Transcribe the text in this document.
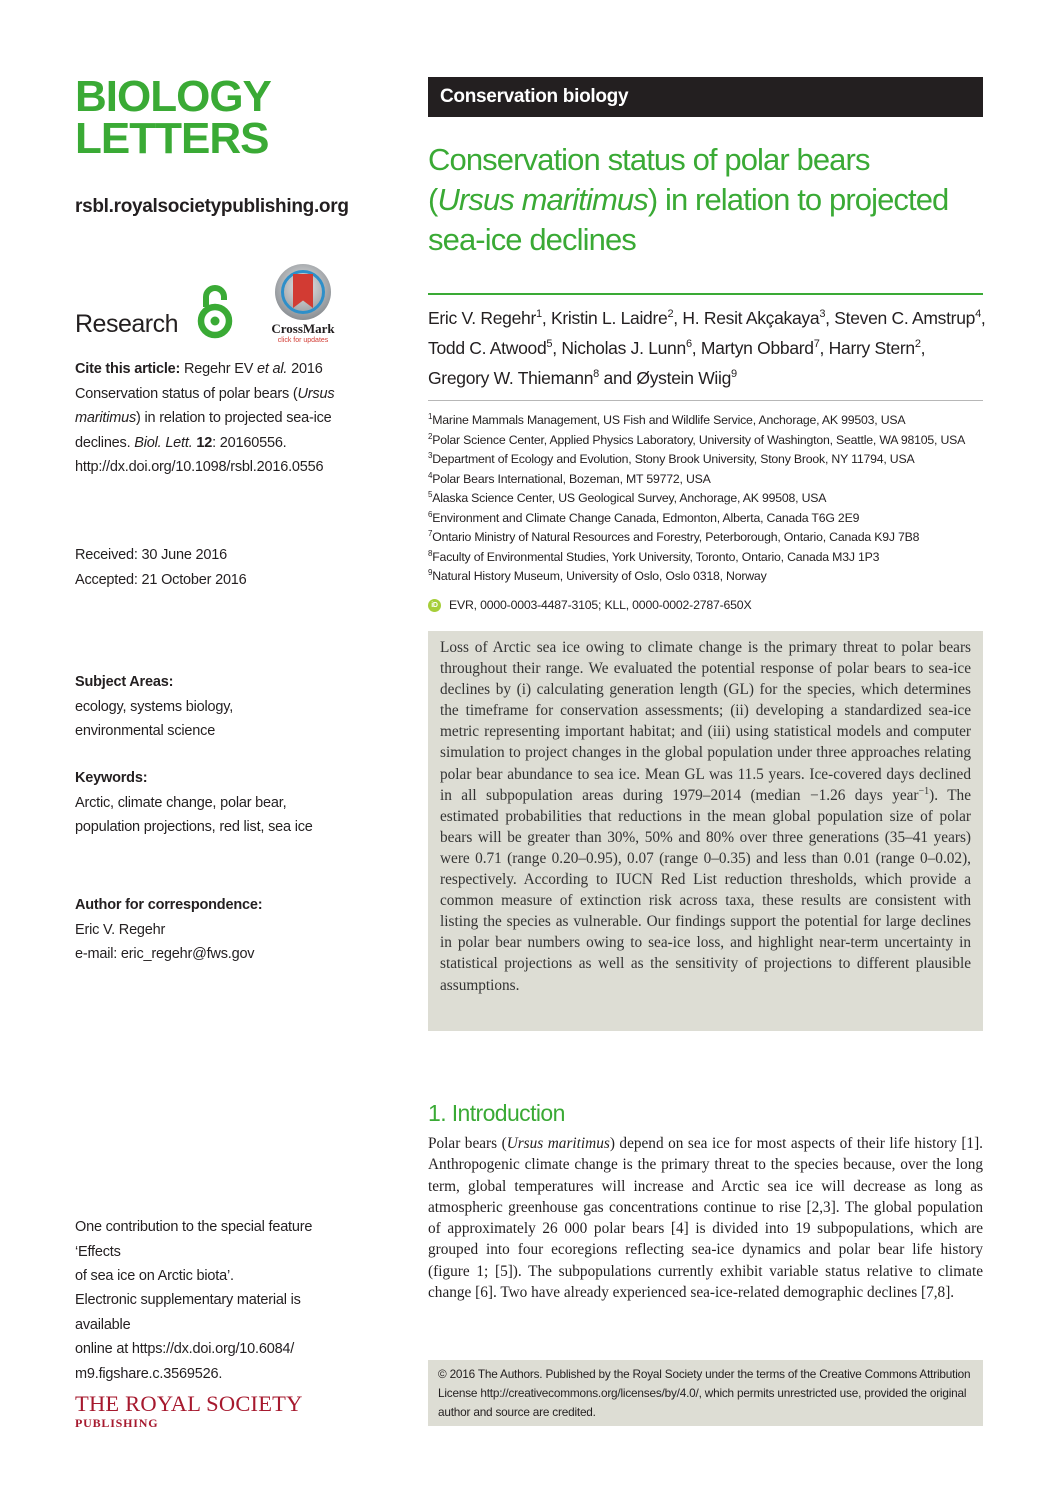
BIOLOGY
LETTERS
rsbl.royalsocietypublishing.org
Research	CrossMark
click for updates
Cite this article: Regehr EV et al. 2016 Conservation status of polar bears (Ursus maritimus) in relation to projected sea-ice declines. Biol. Lett. 12: 20160556. http://dx.doi.org/10.1098/rsbl.2016.0556
Received: 30 June 2016
Accepted: 21 October 2016
Subject Areas:
ecology, systems biology,
environmental science
Keywords:
Arctic, climate change, polar bear,
population projections, red list, sea ice
Author for correspondence:
Eric V. Regehr
e-mail: eric_regehr@fws.gov
One contribution to the special feature ‘Effects
of sea ice on Arctic biota’.
Electronic supplementary material is available
online at https://dx.doi.org/10.6084/
m9.figshare.c.3569526.
THE ROYAL SOCIETY
PUBLISHING
Conservation biology
Conservation status of polar bears
(Ursus maritimus) in relation to projected
sea-ice declines
Eric V. Regehr$^1$, Kristin L. Laidre$^2$, H. Resit Akçakaya$^3$, Steven C. Amstrup$^4$,
Todd C. Atwood$^5$, Nicholas J. Lunn$^6$, Martyn Obbard$^7$, Harry Stern$^2$,
Gregory W. Thiemann$^8$ and Øystein Wiig$^9$
$^1$Marine Mammals Management, US Fish and Wildlife Service, Anchorage, AK 99503, USA
$^2$Polar Science Center, Applied Physics Laboratory, University of Washington, Seattle, WA 98105, USA
$^3$Department of Ecology and Evolution, Stony Brook University, Stony Brook, NY 11794, USA
$^4$Polar Bears International, Bozeman, MT 59772, USA
$^5$Alaska Science Center, US Geological Survey, Anchorage, AK 99508, USA
$^6$Environment and Climate Change Canada, Edmonton, Alberta, Canada T6G 2E9
$^7$Ontario Ministry of Natural Resources and Forestry, Peterborough, Ontario, Canada K9J 7B8
$^8$Faculty of Environmental Studies, York University, Toronto, Ontario, Canada M3J 1P3
$^9$Natural History Museum, University of Oslo, Oslo 0318, Norway
iD EVR, 0000-0003-4487-3105; KLL, 0000-0002-2787-650X
Loss of Arctic sea ice owing to climate change is the primary threat to polar bears throughout their range. We evaluated the potential response of polar bears to sea-ice declines by (i) calculating generation length (GL) for the species, which determines the timeframe for conservation assessments; (ii) developing a standardized sea-ice metric representing important habitat; and (iii) using statistical models and computer simulation to project changes in the global population under three approaches relating polar bear abundance to sea ice. Mean GL was 11.5 years. Ice-covered days declined in all subpopulation areas during 1979–2014 (median −1.26 days year$^{-1}$). The estimated probabilities that reductions in the mean global population size of polar bears will be greater than 30%, 50% and 80% over three generations (35–41 years) were 0.71 (range 0.20–0.95), 0.07 (range 0–0.35) and less than 0.01 (range 0–0.02), respectively. According to IUCN Red List reduction thresholds, which provide a common measure of extinction risk across taxa, these results are consistent with listing the species as vulnerable. Our findings support the potential for large declines in polar bear numbers owing to sea-ice loss, and highlight near-term uncertainty in statistical projections as well as the sensitivity of projections to different plausible assumptions.
1. Introduction
Polar bears (Ursus maritimus) depend on sea ice for most aspects of their life history [1]. Anthropogenic climate change is the primary threat to the species because, over the long term, global temperatures will increase and Arctic sea ice will decrease as long as atmospheric greenhouse gas concentrations continue to rise [2,3]. The global population of approximately 26 000 polar bears [4] is divided into 19 subpopulations, which are grouped into four ecoregions reflecting sea-ice dynamics and polar bear life history (figure 1; [5]). The subpopulations currently exhibit variable status relative to climate change [6]. Two have already experienced sea-ice-related demographic declines [7,8].
© 2016 The Authors. Published by the Royal Society under the terms of the Creative Commons Attribution License http://creativecommons.org/licenses/by/4.0/, which permits unrestricted use, provided the original author and source are credited.
